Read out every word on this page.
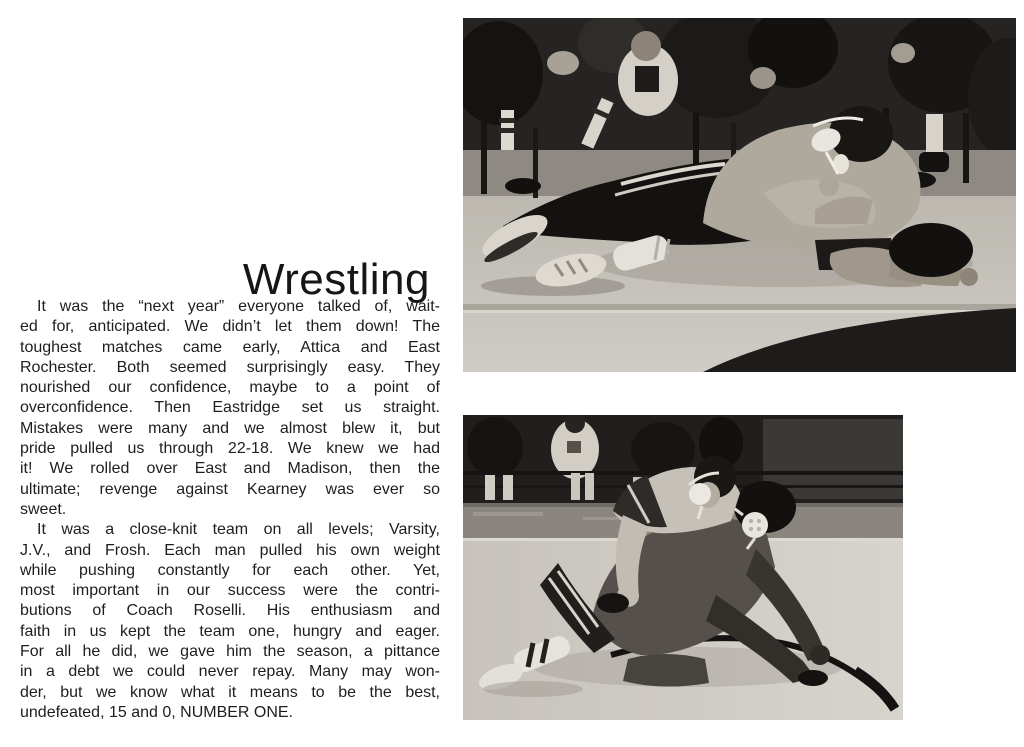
Wrestling
It was the “next year” everyone talked of, wait-
ed for, anticipated. We didn’t let them down! The
toughest matches came early, Attica and East
Rochester. Both seemed surprisingly easy. They
nourished our confidence, maybe to a point of
overconfidence. Then Eastridge set us straight.
Mistakes were many and we almost blew it, but
pride pulled us through 22-18. We knew we had
it! We rolled over East and Madison, then the
ultimate; revenge against Kearney was ever so
sweet.
It was a close-knit team on all levels; Varsity,
J.V., and Frosh. Each man pulled his own weight
while pushing constantly for each other. Yet,
most important in our success were the contri-
butions of Coach Roselli. His enthusiasm and
faith in us kept the team one, hungry and eager.
For all he did, we gave him the season, a pittance
in a debt we could never repay. Many may won-
der, but we know what it means to be the best,
undefeated, 15 and 0, NUMBER ONE.
